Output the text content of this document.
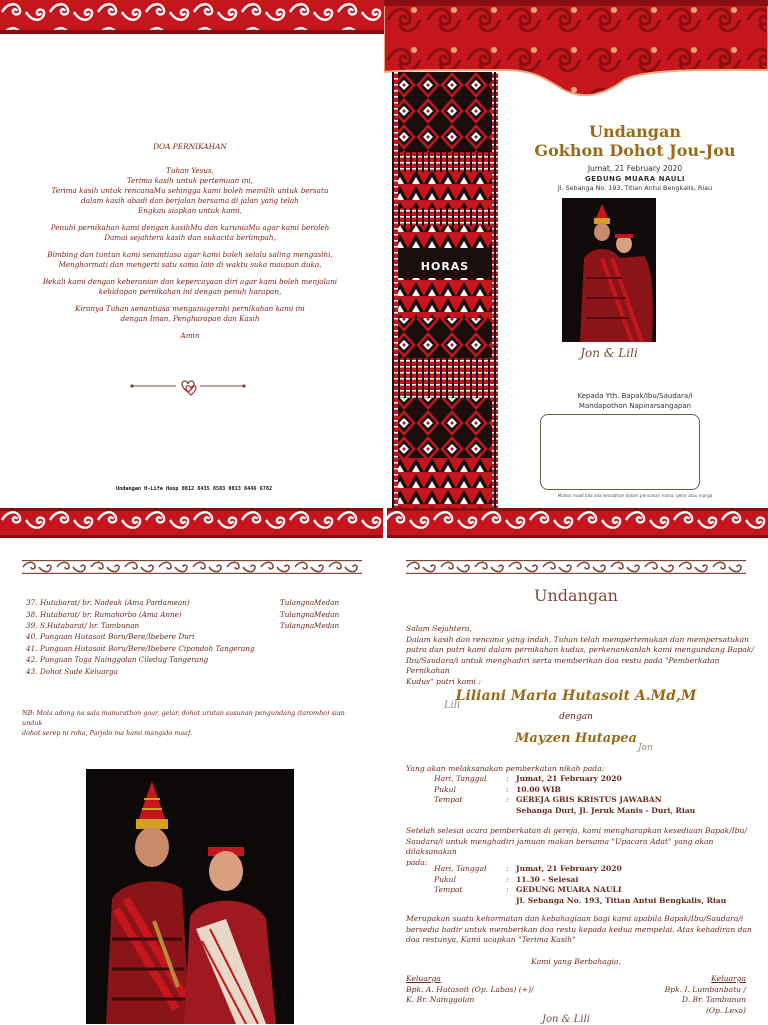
DOA PERNIKAHAN

Tuhan Yesus,
Terima kasih untuk pertemuan ini,
Terima kasih untuk rencanaMu sehingga kami boleh memilih untuk bersatu
dalam kasih abadi dan berjalan bersama di jalan yang telah
Engkau siapkan untuk kami,

Penuhi pernikahan kami dengan kasihMu dan karuniaMu agar kami beroleh
Damai sejahtera kasih dan sukacita berlimpah,

Bimbing dan tuntun kami senantiasa agar kami boleh selalu saling mengasihi,
Menghormati dan mengerti satu sama lain di waktu suka maupun duka,

Bekali kami dengan keberanian dan kepercayaan diri agar kami boleh menjalani
kehidupan pernikahan ini dengan penuh harapan,

Kiranya Tuhan senantiasa menganugerahi pernikahan kami ini
dengan Iman, Pengharapan dan Kasih

Amin

Undangan H-Life Hoop 0812 8435 8583 0813 8446 6782
HORAS
Undangan
Gokhon Dohot Jou-Jou
Jumat, 21 February 2020
GEDUNG MUARA NAULI
Jl. Sebanga No. 193, Titian Antui Bengkalis, Riau
Jon & Lili
Kepada Yth. Bapak/Ibu/Saudara/i
Mandapothon Napinarsangapan
Mohon maaf bila ada kesalahan dalam penulisan nama, gelar atau marga
37. Hutabarat/ br. Nadeak (Ama Pardamean)	Tulangna Medan
38. Hutabarat/ br. Rumahorbo (Ama Anne)	Tulangna Medan
39. S.Hutabarat/ br. Tambunan	Tulangna Medan
40. Punguan Hutasoit Boru/Bere/Ibebere Duri
41. Punguan Hutasoit Boru/Bere/Ibebere Cipondoh Tangerang
42. Punguan Toga Nainggolan Ciledug Tangerang
43. Dohot Sude Keluarga
NB: Mola adong na sala manurathon goar, gelar, dohot urutan susunan pengundang (tarombo) sian unduk
dohot serep ni roha, Parjolo ma hami mangido maaf.
Undangan
Salam Sejahtera,
Dalam kasih dan rencana yang indah, Tuhan telah mempertemukan dan mempersatukan
putra dan putri kami dalam pernikahan kudus, perkenankanlah kami mengundang Bapak/
Ibu/Saudara/i untuk menghadiri serta memberikan doa restu pada "Pemberkatan Pernikahan
Kudus" putri kami :
Lili
Liliani Maria Hutasoit A.Md,M
dengan
Mayzen Hutapea
Jon
Yang akan melaksanakan pemberkatan nikah pada:
Hari, Tanggal	: Jumat, 21 February 2020
Pukul	: 10.00 WIB
Tempat	: GEREJA GBIS KRISTUS JAWABAN
Sebanga Duri, Jl. Jeruk Manis - Duri, Riau
Setelah selesai acara pemberkatan di gereja, kami mengharapkan kesediaan Bapak/Ibu/
Saudara/i untuk menghadiri jamuan makan bersama "Upacara Adat" yang akan dilaksanakan
pada:
Hari, Tanggal	: Jumat, 21 February 2020
Pukul	: 11.30 - Selesai
Tempat	: GEDUNG MUARA NAULI
Jl. Sebanga No. 193, Titian Antui Bengkalis, Riau
Merupakan suatu kehormatan dan kebahagiaan bagi kami apabila Bapak/Ibu/Saudara/i
bersedia hadir untuk memberikan doa restu kepada kedua mempelai. Atas kehadiran dan
doa restunya, Kami ucapkan "Terima Kasih"
Kami yang Berbahagia,
Keluarga
Bpk. A. Hutasoit (Op. Labas) (+)/
K. Br. Nainggolan
Keluarga
Bpk. I. Lumbanbatu /
D. Br. Tambunan
(Op. Lexa)
Jon & Lili
